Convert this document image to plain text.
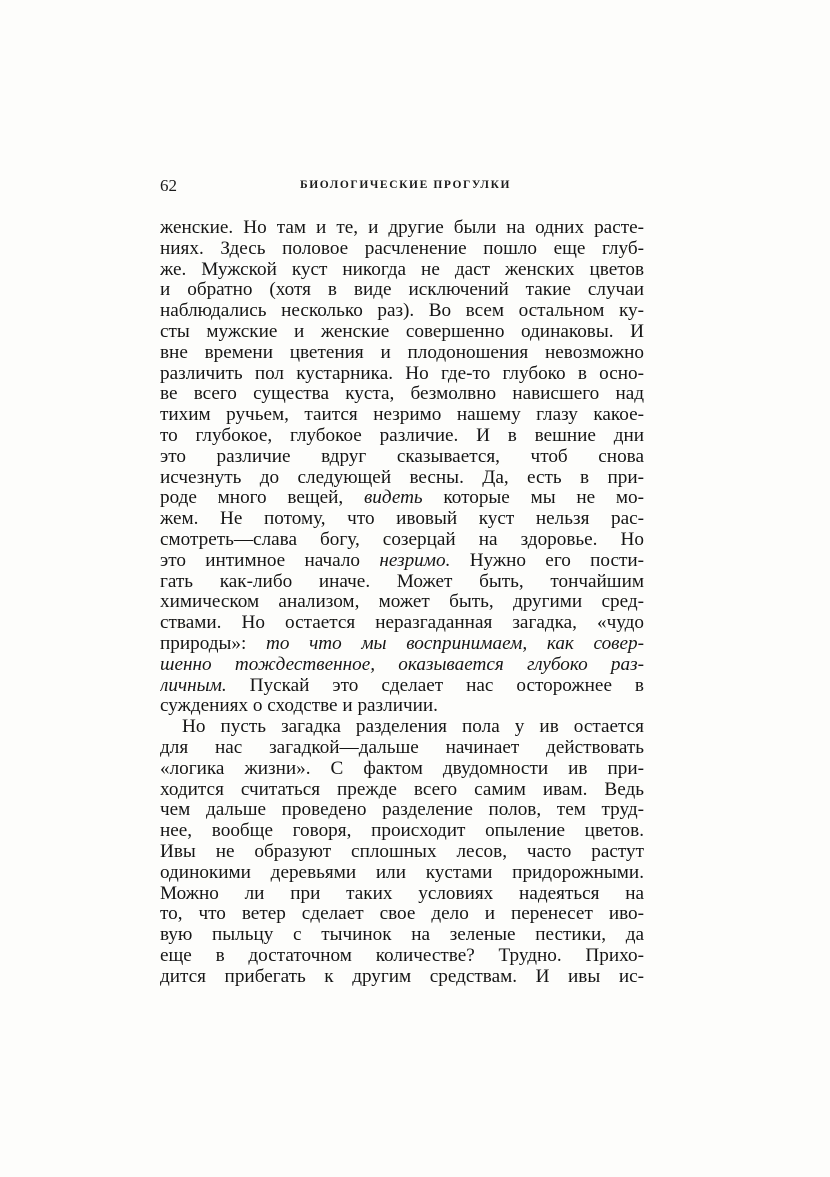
62	БИОЛОГИЧЕСКИЕ ПРОГУЛКИ
женские. Но там и те, и другие были на одних расте-
ниях. Здесь половое расчленение пошло еще глуб-
же. Мужской куст никогда не даст женских цветов
и обратно (хотя в виде исключений такие случаи
наблюдались несколько раз). Во всем остальном ку-
сты мужские и женские совершенно одинаковы. И
вне времени цветения и плодоношения невозможно
различить пол кустарника. Но где-то глубоко в осно-
ве всего существа куста, безмолвно нависшего над
тихим ручьем, таится незримо нашему глазу какое-
то глубокое, глубокое различие. И в вешние дни
это различие вдруг сказывается, чтоб снова
исчезнуть до следующей весны. Да, есть в при-
роде много вещей, видеть которые мы не мо-
жем. Не потому, что ивовый куст нельзя рас-
смотреть—слава богу, созерцай на здоровье. Но
это интимное начало незримо. Нужно его пости-
гать как-либо иначе. Может быть, тончайшим
химическом анализом, может быть, другими сред-
ствами. Но остается неразгаданная загадка, «чудо
природы»: то что мы воспринимаем, как совер-
шенно тождественное, оказывается глубоко раз-
личным. Пускай это сделает нас осторожнее в
суждениях о сходстве и различии.
Но пусть загадка разделения пола у ив остается
для нас загадкой—дальше начинает действовать
«логика жизни». С фактом двудомности ив при-
ходится считаться прежде всего самим ивам. Ведь
чем дальше проведено разделение полов, тем труд-
нее, вообще говоря, происходит опыление цветов.
Ивы не образуют сплошных лесов, часто растут
одинокими деревьями или кустами придорожными.
Можно ли при таких условиях надеяться на
то, что ветер сделает свое дело и перенесет иво-
вую пыльцу с тычинок на зеленые пестики, да
еще в достаточном количестве? Трудно. Прихо-
дится прибегать к другим средствам. И ивы ис-
